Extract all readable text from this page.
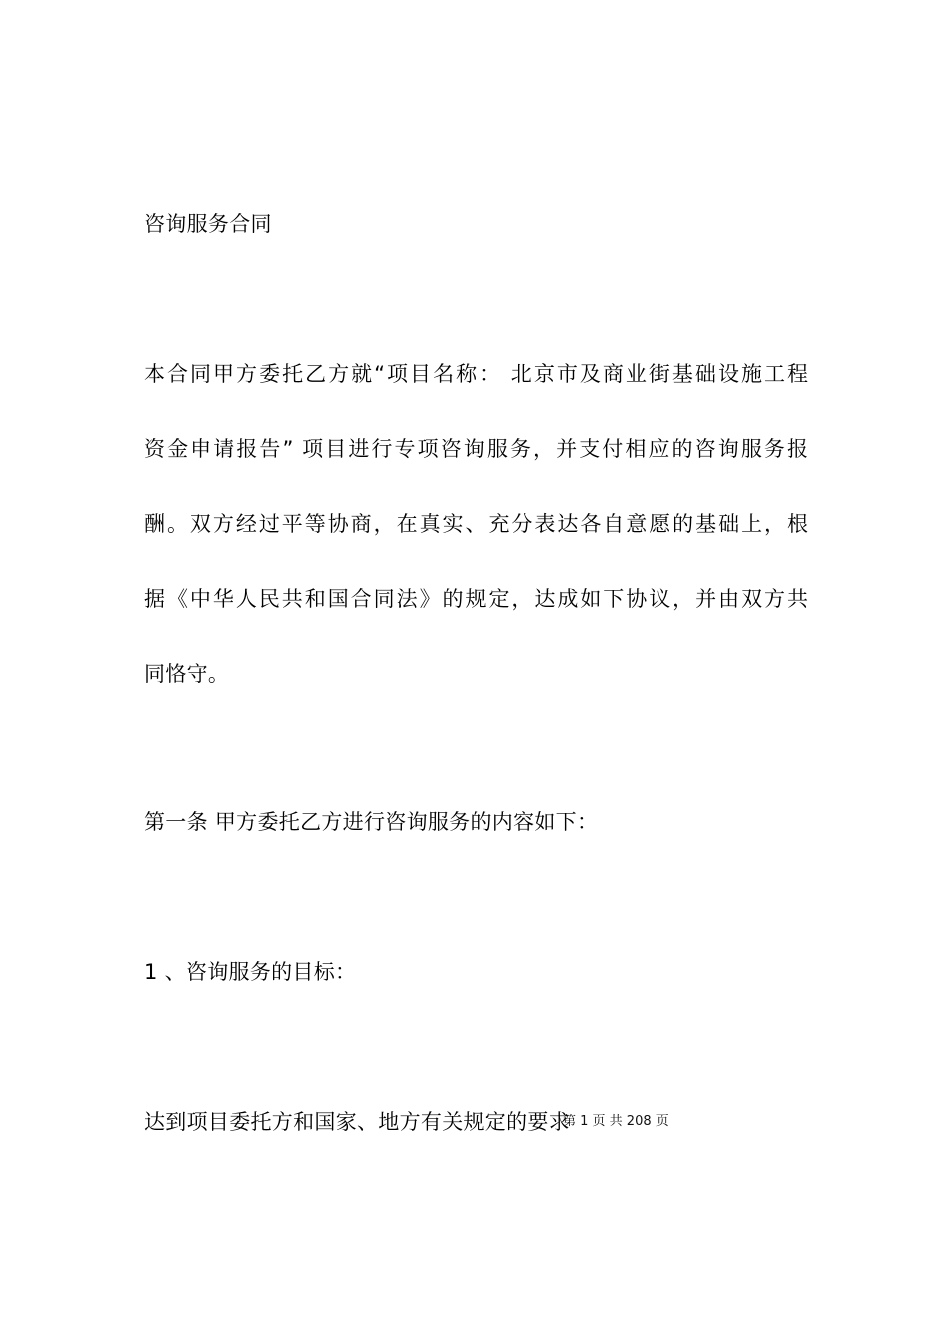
咨询服务合同
本合同甲方委托乙方就“项目名称： 北京市及商业街基础设施工程
资金申请报告” 项目进行专项咨询服务，并支付相应的咨询服务报
酬。双方经过平等协商，在真实、充分表达各自意愿的基础上，根
据《中华人民共和国合同法》的规定，达成如下协议，并由双方共
同恪守。
第一条 甲方委托乙方进行咨询服务的内容如下：
1 、咨询服务的目标：
达到项目委托方和国家、地方有关规定的要求
第 1 页 共 208 页
